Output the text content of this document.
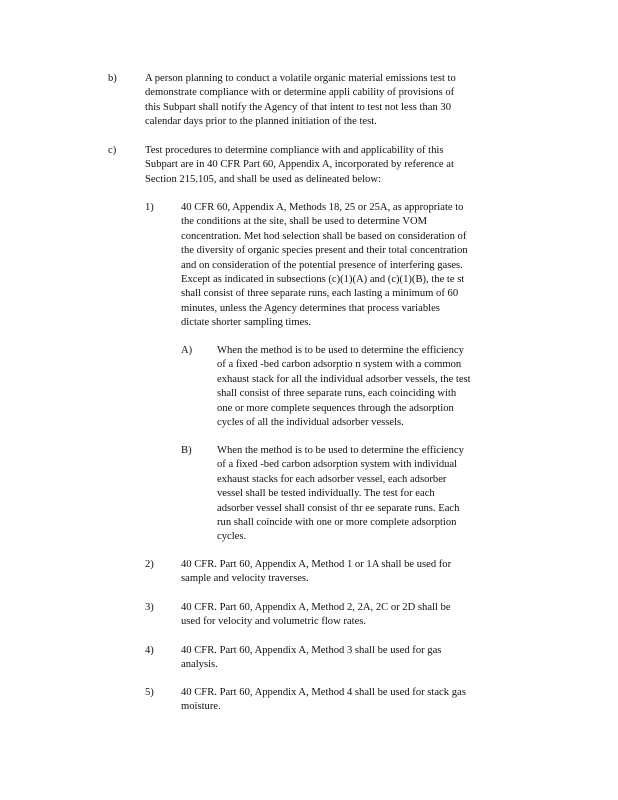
b)	A person planning to conduct a volatile organic material emissions test to
demonstrate compliance with or determine appli cability of provisions of
this Subpart shall notify the Agency of that intent to test not less than 30
calendar days prior to the planned initiation of the test.
c)	Test procedures to determine compliance with and applicability of this
Subpart are in 40 CFR Part 60, Appendix A, incorporated by reference at
Section 215.105, and shall be used as delineated below:
1)	40 CFR 60, Appendix A, Methods 18, 25 or 25A, as appropriate to
the conditions at the site, shall be used to determine VOM
concentration. Met hod selection shall be based on consideration of
the diversity of organic species present and their total concentration
and on consideration of the potential presence of interfering gases.
Except as indicated in subsections (c)(1)(A) and (c)(1)(B), the te st
shall consist of three separate runs, each lasting a minimum of 60
minutes, unless the Agency determines that process variables
dictate shorter sampling times.
A) When the method is to be used to determine the efficiency
of a fixed -bed carbon adsorptio n system with a common
exhaust stack for all the individual adsorber vessels, the test
shall consist of three separate runs, each coinciding with
one or more complete sequences through the adsorption
cycles of all the individual adsorber vessels.
B) When the method is to be used to determine the efficiency
of a fixed -bed carbon adsorption system with individual
exhaust stacks for each adsorber vessel, each adsorber
vessel shall be tested individually. The test for each
adsorber vessel shall consist of thr ee separate runs. Each
run shall coincide with one or more complete adsorption
cycles.
2)	40 CFR. Part 60, Appendix A, Method 1 or 1A shall be used for
sample and velocity traverses.
3)	40 CFR. Part 60, Appendix A, Method 2, 2A, 2C or 2D shall be
used for velocity and volumetric flow rates.
4)	40 CFR. Part 60, Appendix A, Method 3 shall be used for gas
analysis.
5)	40 CFR. Part 60, Appendix A, Method 4 shall be used for stack gas
moisture.
